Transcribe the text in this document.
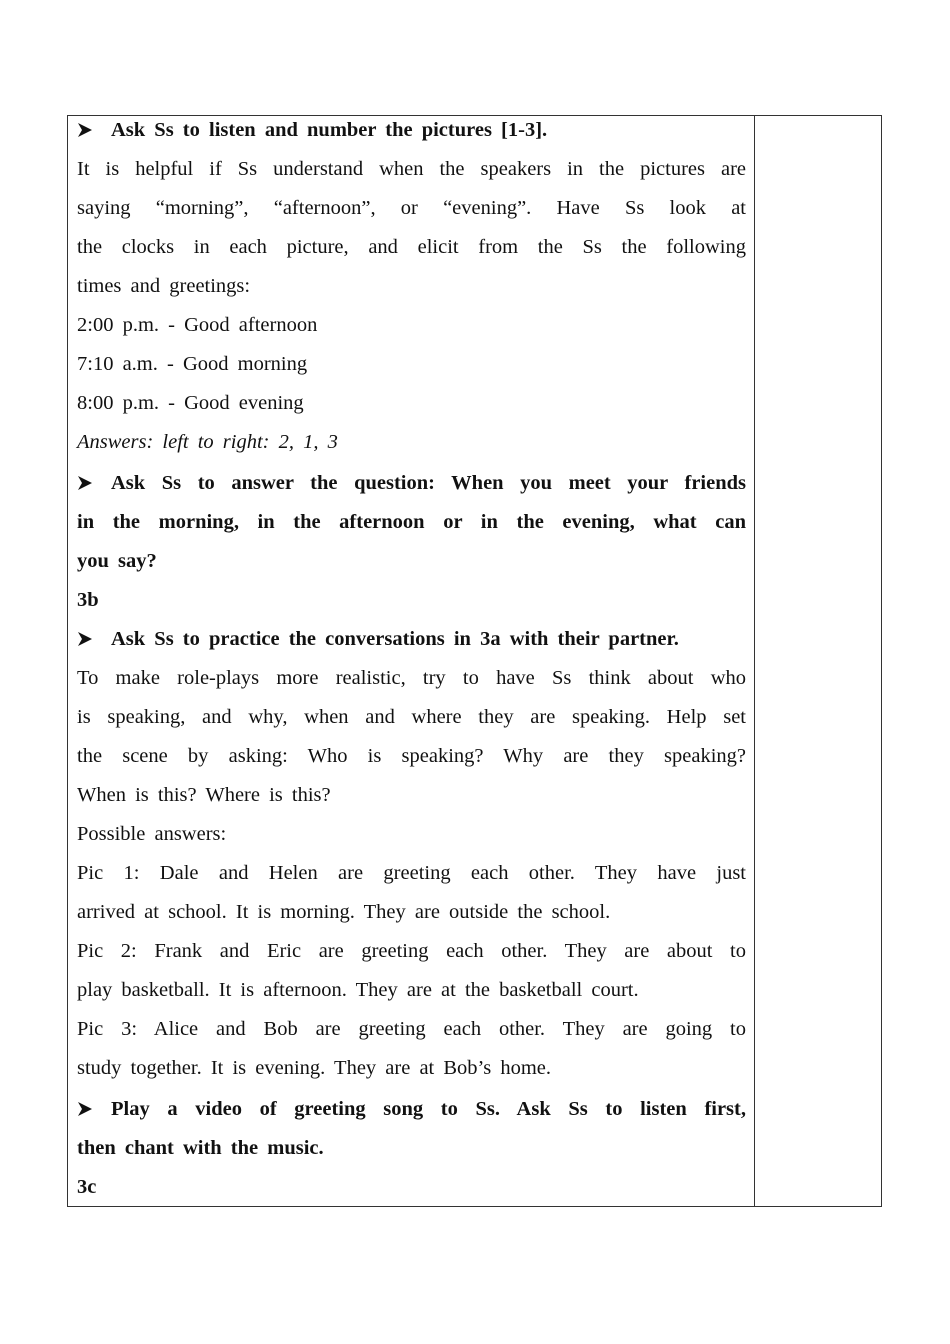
Ask Ss to listen and number the pictures [1-3].
It is helpful if Ss understand when the speakers in the pictures are
saying “morning”, “afternoon”, or “evening”. Have Ss look at
the clocks in each picture, and elicit from the Ss the following
times and greetings:
2:00 p.m. - Good afternoon
7:10 a.m. - Good morning
8:00 p.m. - Good evening
Answers: left to right: 2, 1, 3
Ask Ss to answer the question: When you meet your friends
in the morning, in the afternoon or in the evening, what can
you say?
3b
Ask Ss to practice the conversations in 3a with their partner.
To make role-plays more realistic, try to have Ss think about who
is speaking, and why, when and where they are speaking. Help set
the scene by asking: Who is speaking? Why are they speaking?
When is this? Where is this?
Possible answers:
Pic 1: Dale and Helen are greeting each other. They have just
arrived at school. It is morning. They are outside the school.
Pic 2: Frank and Eric are greeting each other. They are about to
play basketball. It is afternoon. They are at the basketball court.
Pic 3: Alice and Bob are greeting each other. They are going to
study together. It is evening. They are at Bob’s home.
Play a video of greeting song to Ss. Ask Ss to listen first,
then chant with the music.
3c
